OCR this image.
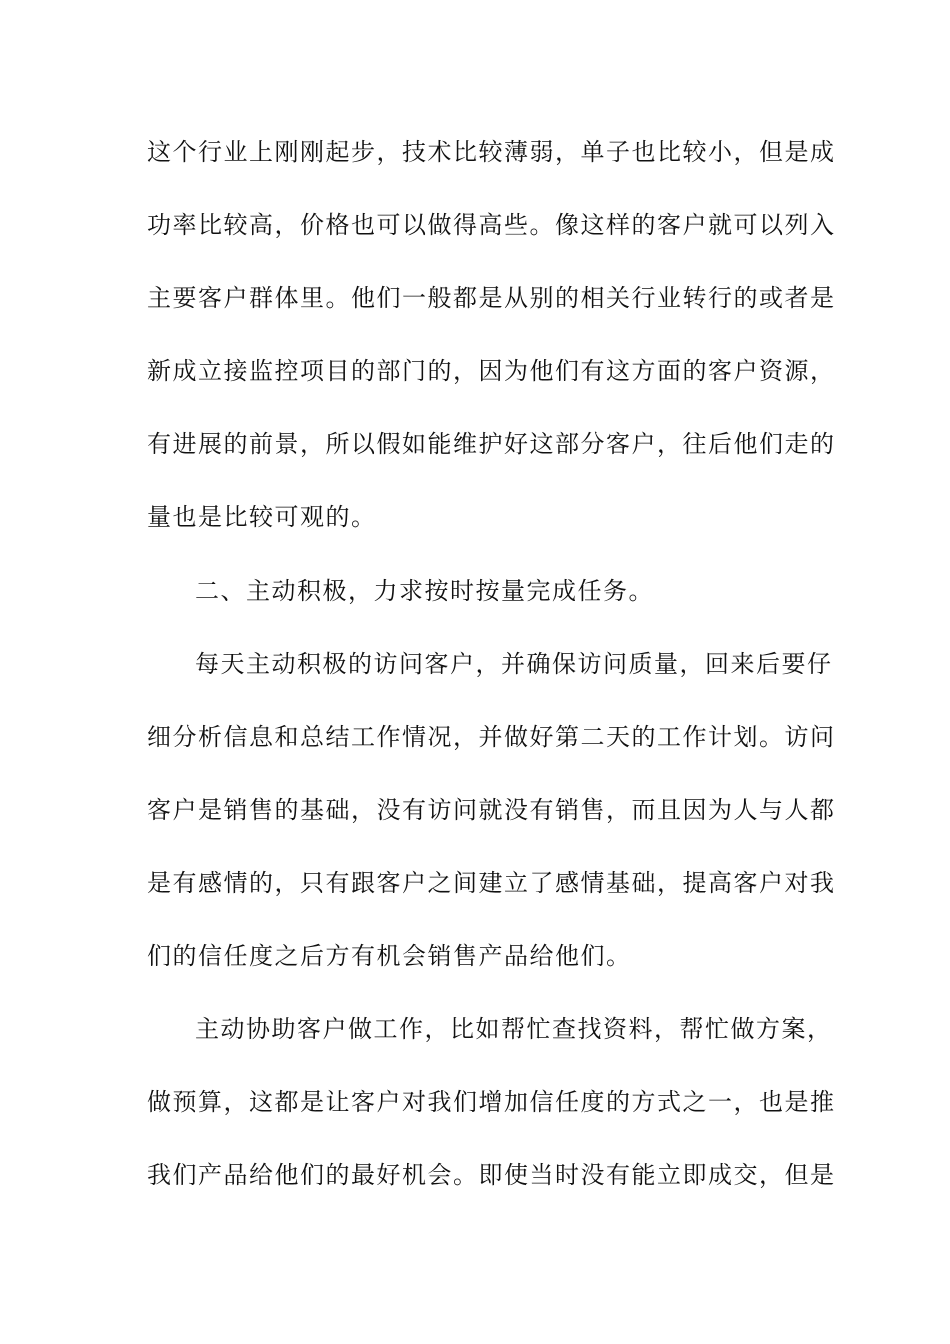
这个行业上刚刚起步，技术比较薄弱，单子也比较小，但是成
功率比较高，价格也可以做得高些。像这样的客户就可以列入
主要客户群体里。他们一般都是从别的相关行业转行的或者是
新成立接监控项目的部门的，因为他们有这方面的客户资源，
有进展的前景，所以假如能维护好这部分客户，往后他们走的
量也是比较可观的。
二、主动积极，力求按时按量完成任务。
每天主动积极的访问客户，并确保访问质量，回来后要仔
细分析信息和总结工作情况，并做好第二天的工作计划。访问
客户是销售的基础，没有访问就没有销售，而且因为人与人都
是有感情的，只有跟客户之间建立了感情基础，提高客户对我
们的信任度之后方有机会销售产品给他们。
主动协助客户做工作，比如帮忙查找资料，帮忙做方案，
做预算，这都是让客户对我们增加信任度的方式之一，也是推
我们产品给他们的最好机会。即使当时没有能立即成交，但是
